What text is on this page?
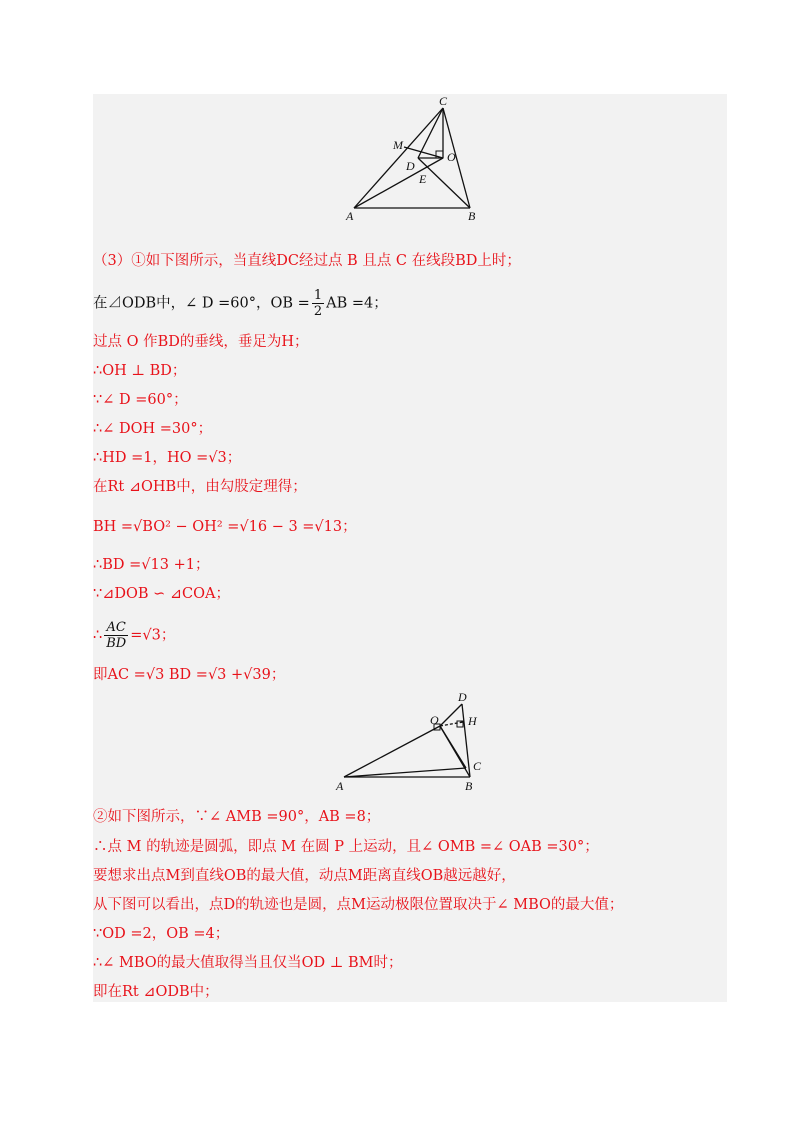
C
M
D
O
E
A	B
（3）①如下图所示，当直线DC经过点 B 且点 C 在线段BD上时；
在⊿ODB中，∠ D =60°，OB = $\frac{1}{2}$ AB =4；
过点 O 作BD的垂线，垂足为H；
∴OH ⊥ BD；
∵∠ D =60°；
∴∠ DOH =30°；
∴HD =1，HO =√3；
在Rt ⊿OHB中，由勾股定理得；
BH =√BO² − OH² =√16 − 3 =√13；
∴BD =√13 +1；
∵⊿DOB ∽ ⊿COA；
∴ $\frac{AC}{BD} =√3$；
即AC =√3 BD =√3 +√39；
D
O H
C
A	B
②如下图所示，∵∠ AMB =90°，AB =8；
∴点 M 的轨迹是圆弧，即点 M 在圆 P 上运动，且∠ OMB =∠ OAB =30°；
要想求出点M到直线OB的最大值，动点M距离直线OB越远越好，
从下图可以看出，点D的轨迹也是圆，点M运动极限位置取决于∠ MBO的最大值；
∵OD =2，OB =4；
∴∠ MBO的最大值取得当且仅当OD ⊥ BM时；
即在Rt ⊿ODB中；
